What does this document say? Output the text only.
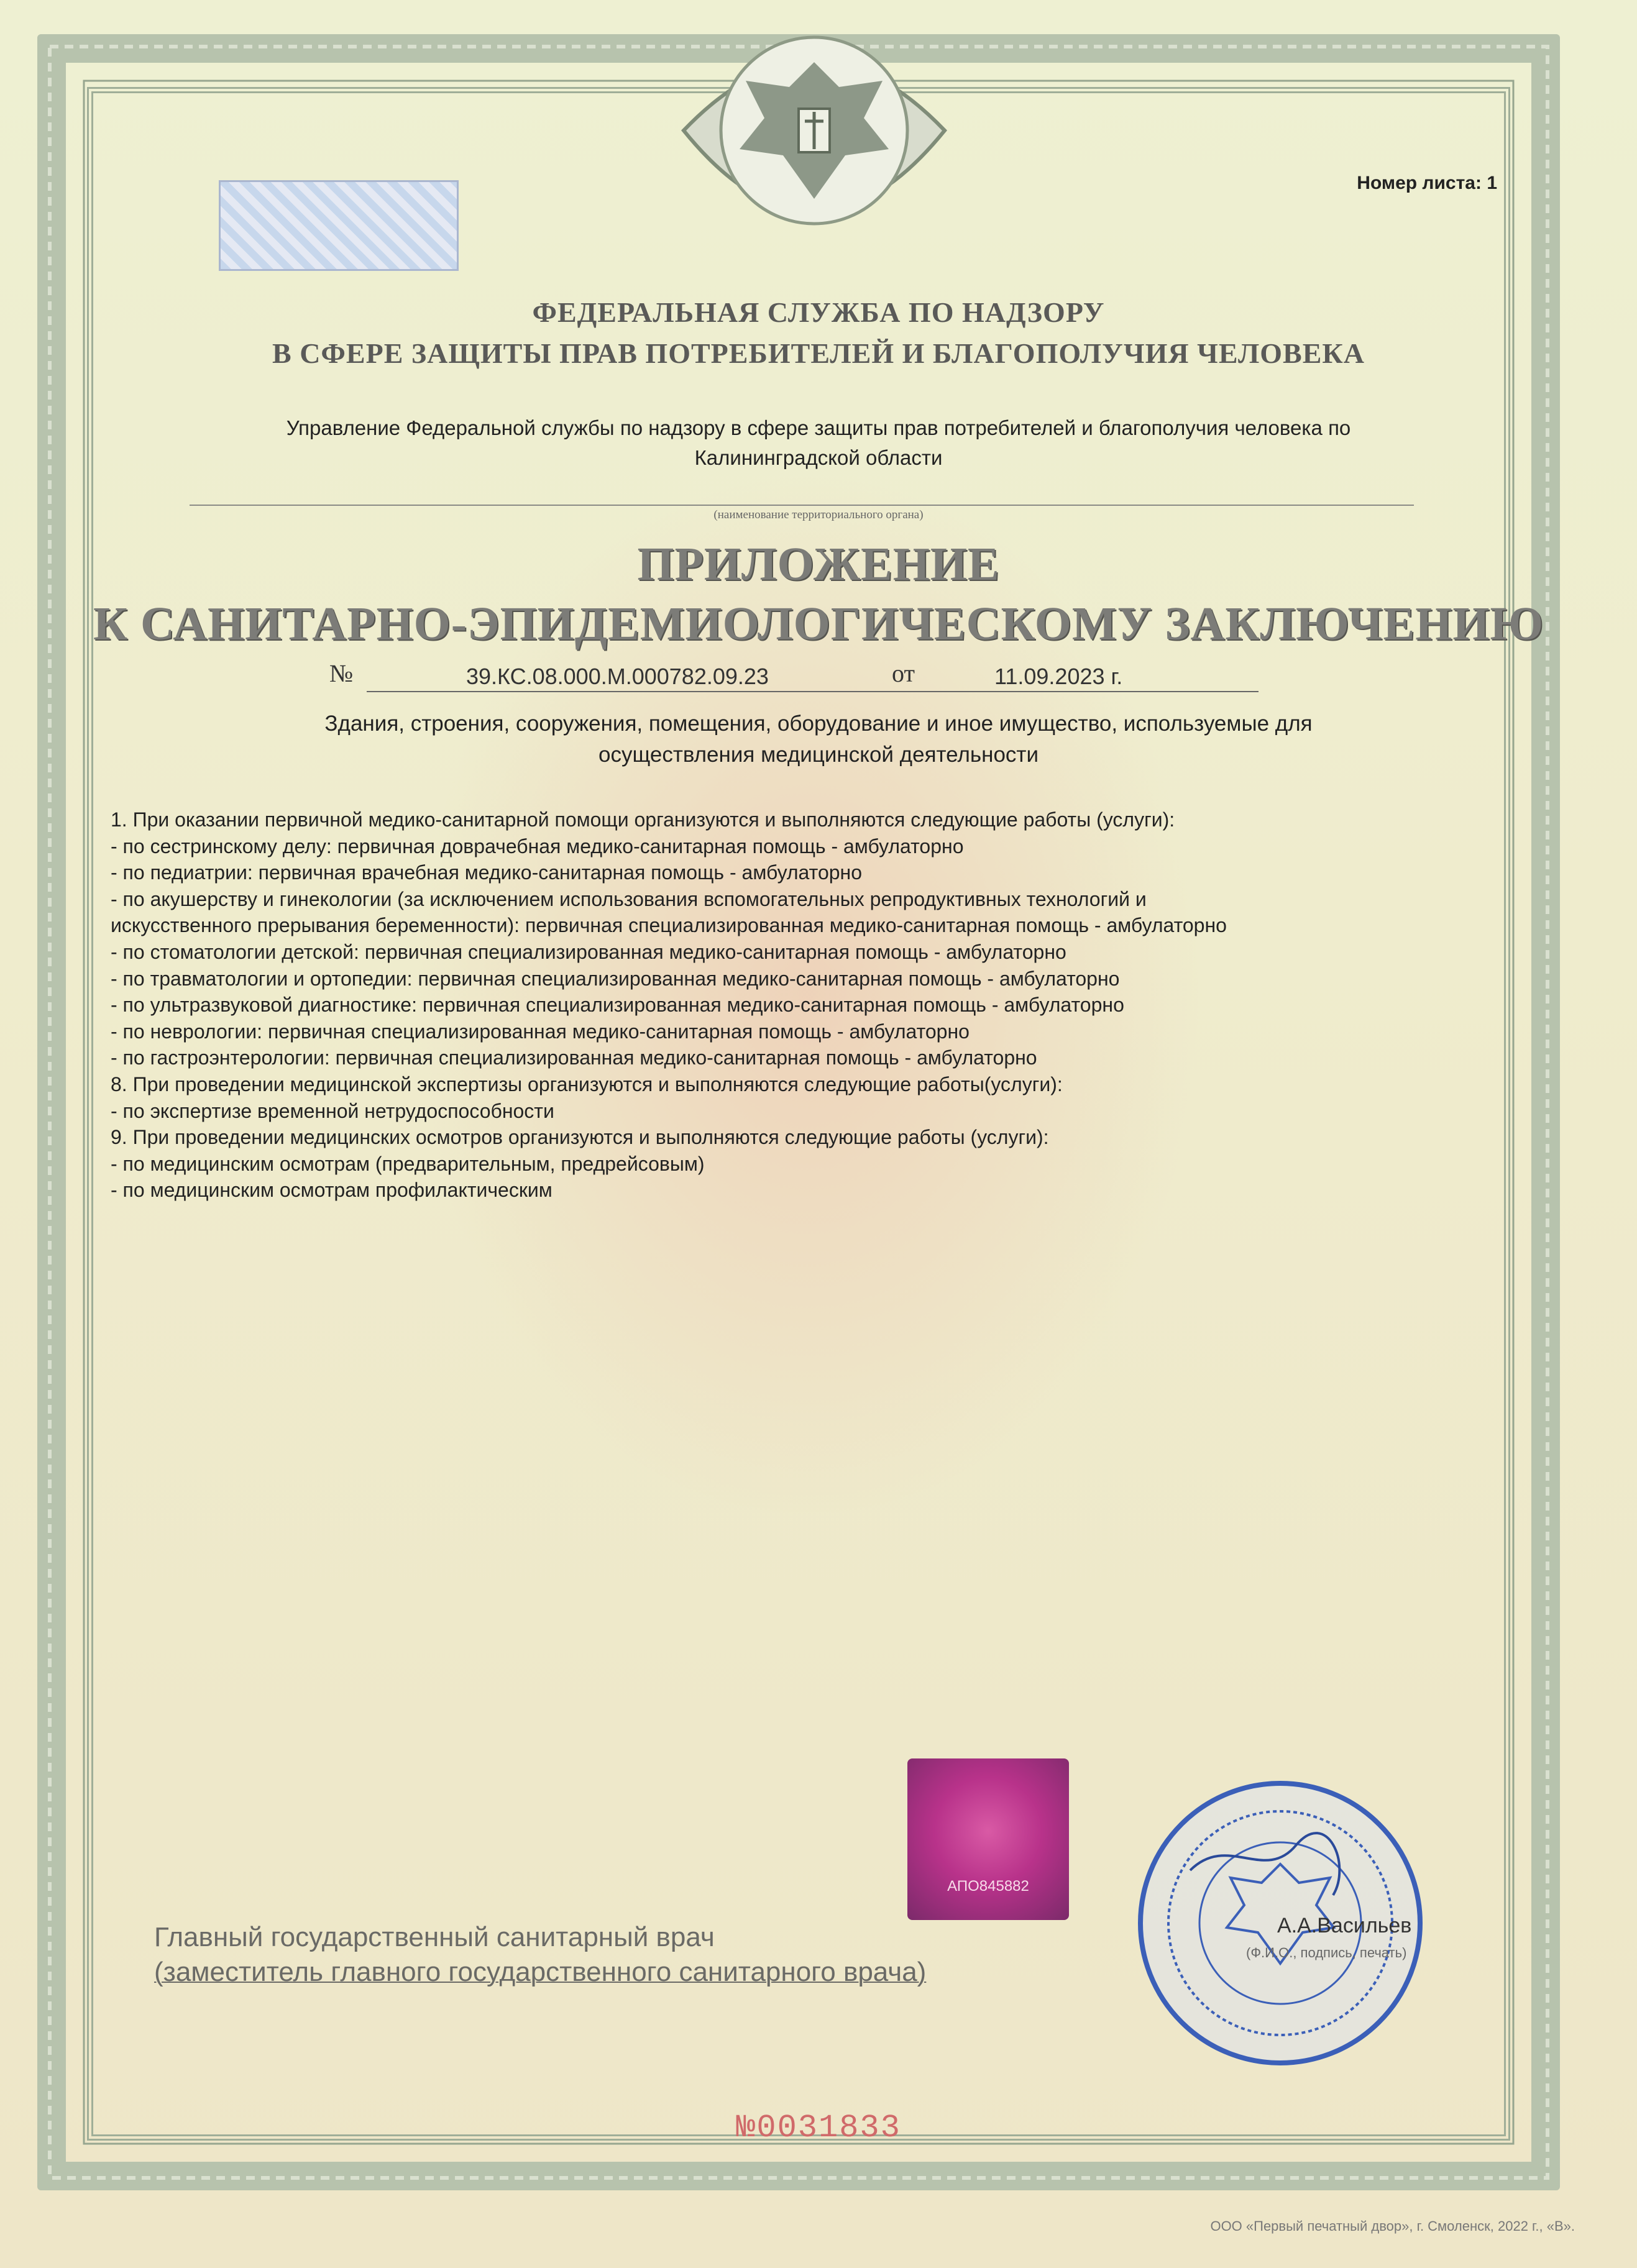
Номер листа: 1
ФЕДЕРАЛЬНАЯ СЛУЖБА ПО НАДЗОРУ
В СФЕРЕ ЗАЩИТЫ ПРАВ ПОТРЕБИТЕЛЕЙ И БЛАГОПОЛУЧИЯ ЧЕЛОВЕКА
Управление Федеральной службы по надзору в сфере защиты прав потребителей и благополучия человека по
Калининградской области
(наименование территориального органа)
ПРИЛОЖЕНИЕ
К САНИТАРНО-ЭПИДЕМИОЛОГИЧЕСКОМУ ЗАКЛЮЧЕНИЮ
№	39.КС.08.000.М.000782.09.23	от	11.09.2023 г.
Здания, строения, сооружения, помещения, оборудование и иное имущество, используемые для
осуществления медицинской деятельности
1. При оказании первичной медико-санитарной помощи организуются и выполняются следующие работы (услуги):
- по сестринскому делу: первичная доврачебная медико-санитарная помощь - амбулаторно
- по педиатрии: первичная врачебная медико-санитарная помощь - амбулаторно
- по акушерству и гинекологии (за исключением использования вспомогательных репродуктивных технологий и
искусственного прерывания беременности): первичная специализированная медико-санитарная помощь - амбулаторно
- по стоматологии детской: первичная специализированная медико-санитарная помощь - амбулаторно
- по травматологии и ортопедии: первичная специализированная медико-санитарная помощь - амбулаторно
- по ультразвуковой диагностике: первичная специализированная медико-санитарная помощь - амбулаторно
- по неврологии: первичная специализированная медико-санитарная помощь - амбулаторно
- по гастроэнтерологии: первичная специализированная медико-санитарная помощь - амбулаторно
8. При проведении медицинской экспертизы организуются и выполняются следующие работы(услуги):
- по экспертизе временной нетрудоспособности
9. При проведении медицинских осмотров организуются и выполняются следующие работы (услуги):
- по медицинским осмотрам (предварительным, предрейсовым)
- по медицинским осмотрам профилактическим
АПО845882
Главный государственный санитарный врач
(заместитель главного государственного санитарного врача)
А.А.Васильев
(Ф.И.О., подпись, печать)
№0031833
ООО «Первый печатный двор», г. Смоленск, 2022 г., «В».
